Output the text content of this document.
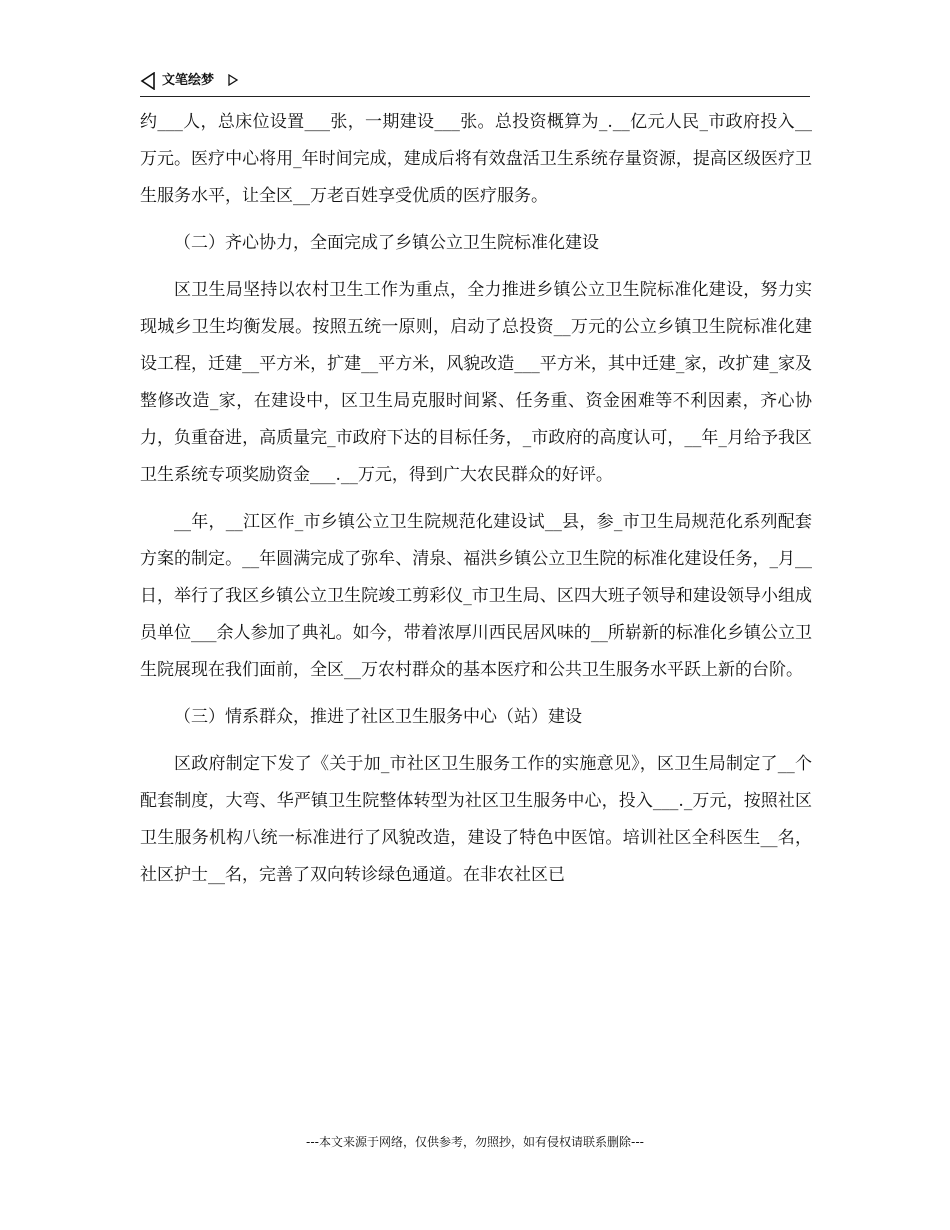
文笔绘梦

约___人，总床位设置___张，一期建设___张。总投资概算为_.__亿元人民_市政府投入__万元。医疗中心将用_年时间完成，建成后将有效盘活卫生系统存量资源，提高区级医疗卫生服务水平，让全区__万老百姓享受优质的医疗服务。

（二）齐心协力，全面完成了乡镇公立卫生院标准化建设

区卫生局坚持以农村卫生工作为重点，全力推进乡镇公立卫生院标准化建设，努力实现城乡卫生均衡发展。按照五统一原则，启动了总投资__万元的公立乡镇卫生院标准化建设工程，迁建__平方米，扩建__平方米，风貌改造___平方米，其中迁建_家，改扩建_家及整修改造_家，在建设中，区卫生局克服时间紧、任务重、资金困难等不利因素，齐心协力，负重奋进，高质量完_市政府下达的目标任务，_市政府的高度认可，__年_月给予我区卫生系统专项奖励资金___.__万元，得到广大农民群众的好评。

__年，__江区作_市乡镇公立卫生院规范化建设试__县，参_市卫生局规范化系列配套方案的制定。__年圆满完成了弥牟、清泉、福洪乡镇公立卫生院的标准化建设任务，_月__日，举行了我区乡镇公立卫生院竣工剪彩仪_市卫生局、区四大班子领导和建设领导小组成员单位___余人参加了典礼。如今，带着浓厚川西民居风味的__所崭新的标准化乡镇公立卫生院展现在我们面前，全区__万农村群众的基本医疗和公共卫生服务水平跃上新的台阶。

（三）情系群众，推进了社区卫生服务中心（站）建设

区政府制定下发了《关于加_市社区卫生服务工作的实施意见》，区卫生局制定了__个配套制度，大弯、华严镇卫生院整体转型为社区卫生服务中心，投入___._万元，按照社区卫生服务机构八统一标准进行了风貌改造，建设了特色中医馆。培训社区全科医生__名，社区护士__名，完善了双向转诊绿色通道。在非农社区已

---本文来源于网络，仅供参考，勿照抄，如有侵权请联系删除---
